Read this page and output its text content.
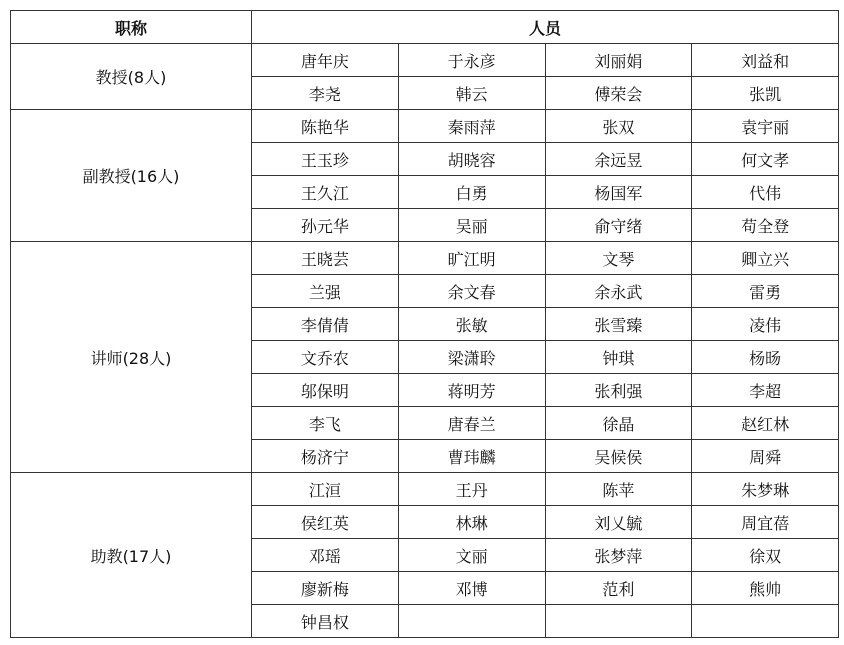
职称	人员			
教授(8人)	唐年庆	于永彦	刘丽娟	刘益和
	李尧	韩云	傅荣会	张凯
副教授(16人)	陈艳华	秦雨萍	张双	袁宇丽
	王玉珍	胡晓容	余远昱	何文孝
	王久江	白勇	杨国军	代伟
	孙元华	吴丽	俞守绪	苟全登
讲师(28人)	王晓芸	旷江明	文琴	卿立兴
	兰强	余文春	余永武	雷勇
	李倩倩	张敏	张雪臻	凌伟
	文乔农	梁潇聆	钟琪	杨旸
	邬保明	蒋明芳	张利强	李超
	李飞	唐春兰	徐晶	赵红林
	杨济宁	曹玮麟	吴候侯	周舜
助教(17人)	江洹	王丹	陈苹	朱梦琳
	侯红英	林琳	刘乂毓	周宜蓓
	邓瑶	文丽	张梦萍	徐双
	廖新梅	邓博	范利	熊帅
	钟昌权			
